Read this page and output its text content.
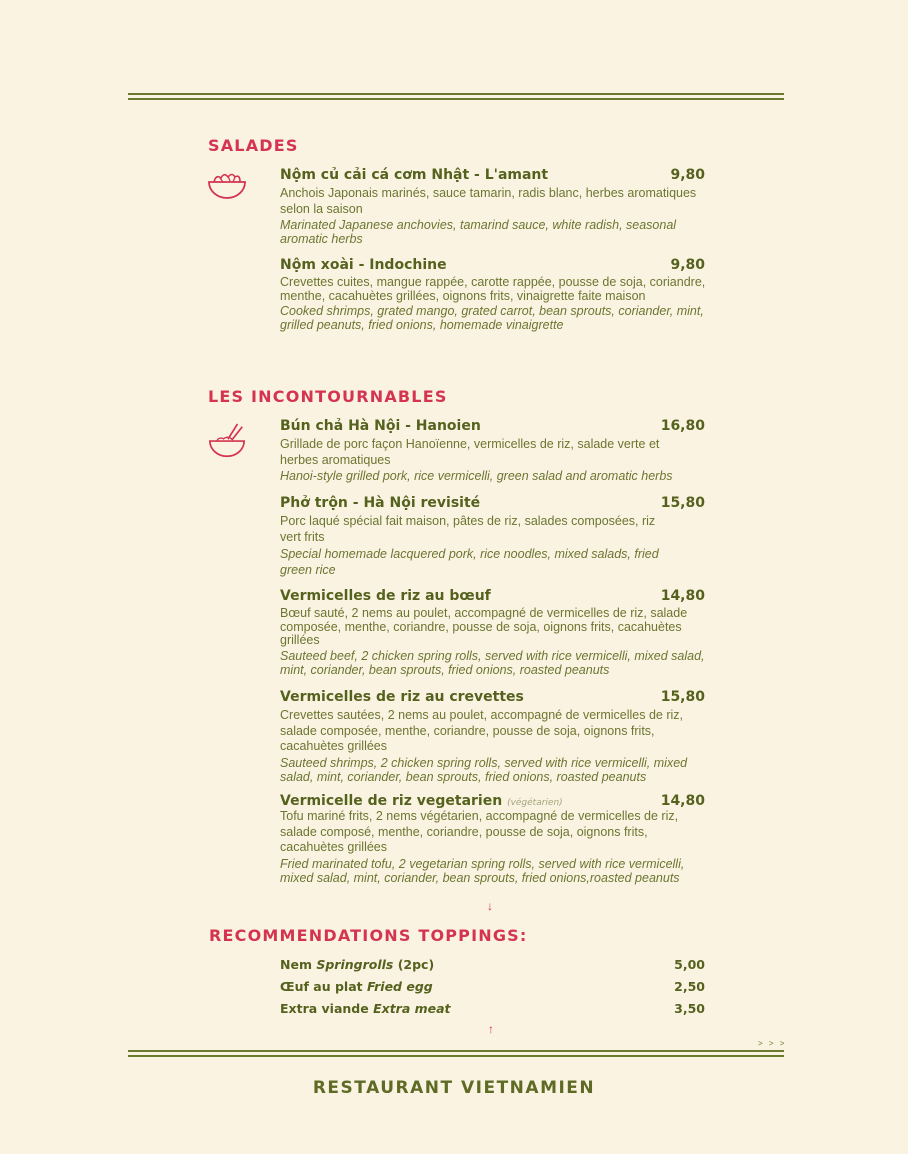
SALADES
Nộm củ cải cá cơm Nhật - L'amant	9,80
Anchois Japonais marinés, sauce tamarin, radis blanc, herbes aromatiques selon la saison
Marinated Japanese anchovies, tamarind sauce, white radish, seasonal aromatic herbs
Nộm xoài - Indochine	9,80
Crevettes cuites, mangue rappée, carotte rappée, pousse de soja, coriandre, menthe, cacahuètes grillées, oignons frits, vinaigrette faite maison
Cooked shrimps, grated mango, grated carrot, bean sprouts, coriander, mint, grilled peanuts, fried onions, homemade vinaigrette
LES INCONTOURNABLES
Bún chả Hà Nội - Hanoien	16,80
Grillade de porc façon Hanoïenne, vermicelles de riz, salade verte et herbes aromatiques
Hanoi-style grilled pork, rice vermicelli, green salad and aromatic herbs
Phở trộn - Hà Nội revisité	15,80
Porc laqué spécial fait maison, pâtes de riz, salades composées, riz vert frits
Special homemade lacquered pork, rice noodles, mixed salads, fried green rice
Vermicelles de riz au bœuf	14,80
Bœuf sauté, 2 nems au poulet, accompagné de vermicelles de riz, salade composée, menthe, coriandre, pousse de soja, oignons frits, cacahuètes grillées
Sauteed beef, 2 chicken spring rolls, served with rice vermicelli, mixed salad, mint, coriander, bean sprouts, fried onions, roasted peanuts
Vermicelles de riz au crevettes	15,80
Crevettes sautées, 2 nems au poulet, accompagné de vermicelles de riz, salade composée, menthe, coriandre, pousse de soja, oignons frits, cacahuètes grillées
Sauteed shrimps, 2 chicken spring rolls, served with rice vermicelli, mixed salad, mint, coriander, bean sprouts, fried onions, roasted peanuts
Vermicelle de riz vegetarien (végétarien)	14,80
Tofu mariné frits, 2 nems végétarien, accompagné de vermicelles de riz, salade composé, menthe, coriandre, pousse de soja, oignons frits, cacahuètes grillées
Fried marinated tofu, 2 vegetarian spring rolls, served with rice vermicelli, mixed salad, mint, coriander, bean sprouts, fried onions,roasted peanuts
↓
RECOMMENDATIONS TOPPINGS:
Nem Springrolls (2pc)	5,00
Œuf au plat Fried egg	2,50
Extra viande Extra meat	3,50
↑
> > >
RESTAURANT VIETNAMIEN
